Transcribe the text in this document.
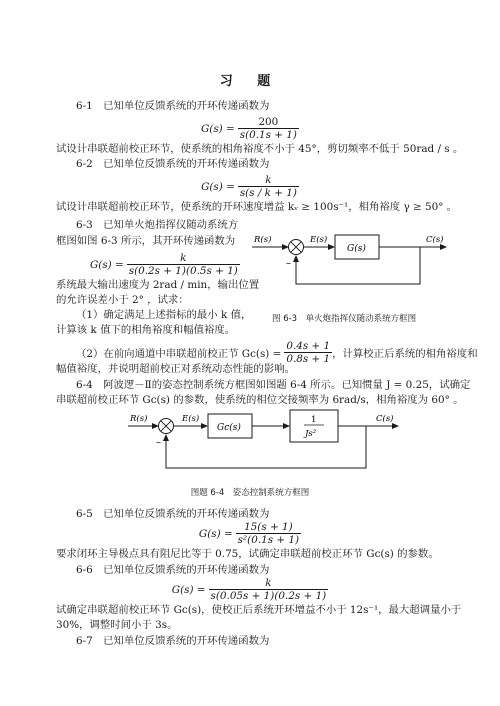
习 题
6-1　已知单位反馈系统的开环传递函数为
$G(s) = \frac{200}{s(0.1s + 1)}$
试设计串联超前校正环节，使系统的相角裕度不小于 45°，剪切频率不低于 50rad / s 。
6-2　已知单位反馈系统的开环传递函数为
$G(s) = \frac{k}{s(s / k + 1)}$
试设计串联超前校正环节，使系统的开环速度增益 kᵥ ≥ 100s⁻¹，相角裕度 γ ≥ 50° 。
6-3　已知单火炮指挥仪随动系统方
框图如图 6-3 所示，其开环传递函数为
$G(s) = \frac{k}{s(0.2s + 1)(0.5s + 1)}$
系统最大输出速度为 2rad / min，输出位置
的允许误差小于 2° ，试求：
（1）确定满足上述指标的最小 k 值，
计算该 k 值下的相角裕度和幅值裕度。
R(s)
–
E(s)
G(s)
C(s)
图 6-3　单火炮指挥仪随动系统方框图
（2）在前向通道中串联超前校正节 $Gc(s) = \frac{0.4s + 1}{0.8s + 1}$ ，计算校正后系统的相角裕度和
幅值裕度，并说明超前校正对系统动态性能的影响。
6-4　阿波逻－Ⅱ的姿态控制系统方框图如图题 6-4 所示。已知惯量 J = 0.25，试确定
串联超前校正环节 Gc(s) 的参数，使系统的相位交接频率为 6rad/s，相角裕度为 60° 。
R(s)
–
E(s)
Gc(s)
1
Js²
C(s)
图题 6-4　姿态控制系统方框图
6-5　已知单位反馈系统的开环传递函数为
$G(s) = \frac{15(s + 1)}{\text{s²(0.1s + 1)}}$
要求闭环主导极点具有阻尼比等于 0.75，试确定串联超前校正环节 Gc(s) 的参数。
6-6　已知单位反馈系统的开环传递函数为
$G(s) = \frac{k}{s(0.05s + 1)(0.2s + 1)}$
试确定串联超前校正环节 Gc(s)，使校正后系统开环增益不小于 12s⁻¹，最大超调量小于
30%，调整时间小于 3s。
6-7　已知单位反馈系统的开环传递函数为
